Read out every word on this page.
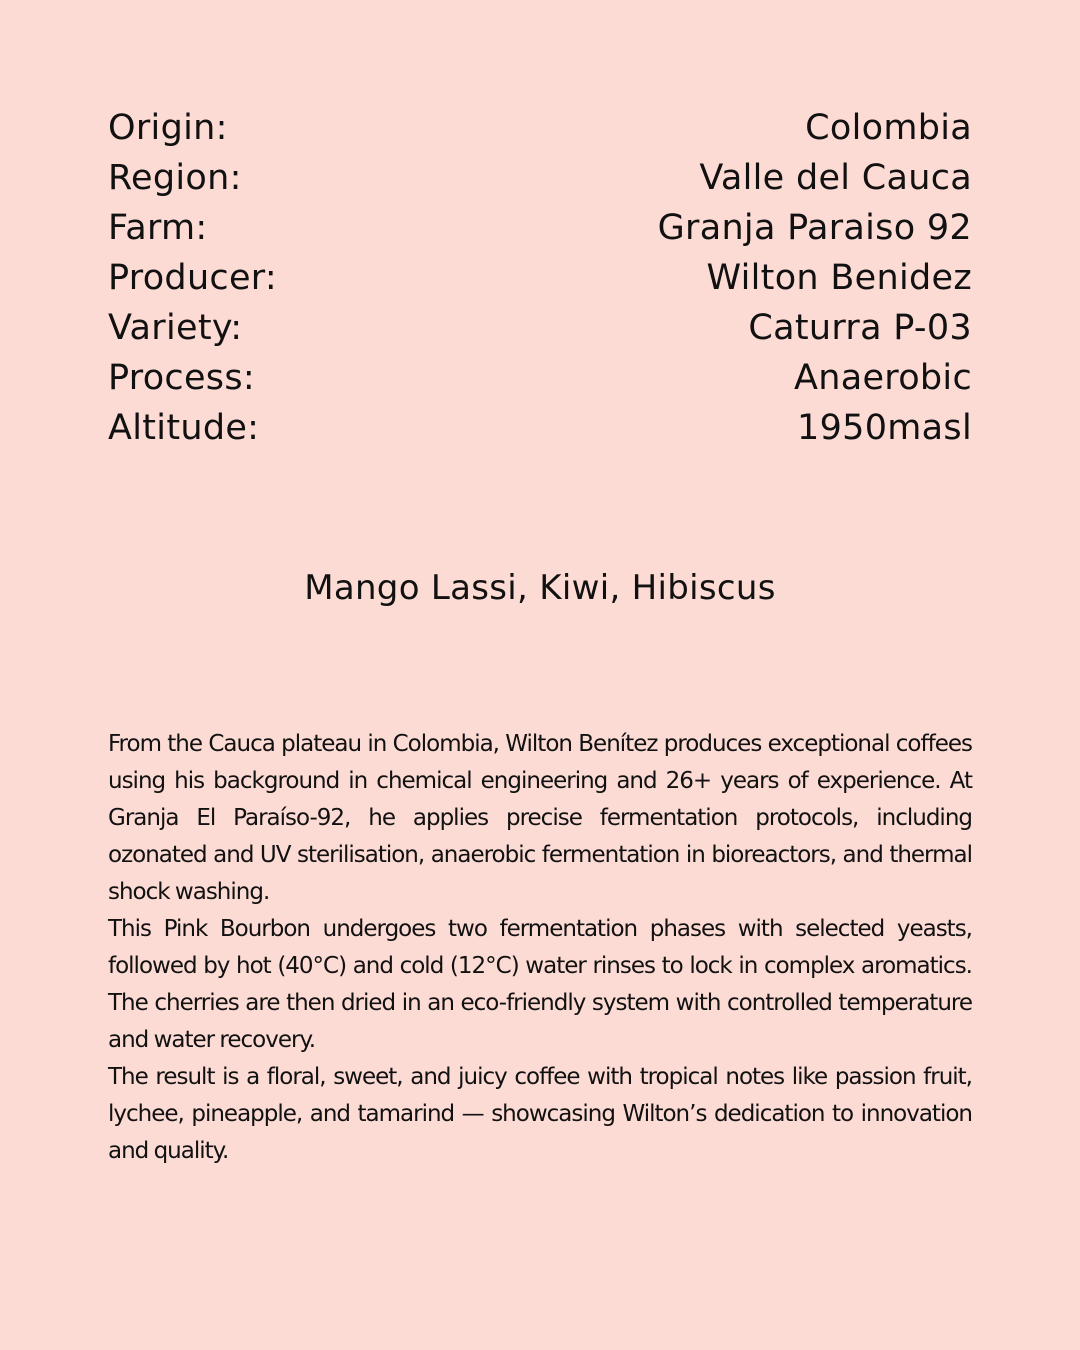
Origin:	Colombia
Region:	Valle del Cauca
Farm:	Granja Paraiso 92
Producer:	Wilton Benidez
Variety:	Caturra P-03
Process:	Anaerobic
Altitude:	1950masl
Mango Lassi, Kiwi, Hibiscus

From the Cauca plateau in Colombia, Wilton Benítez produces exceptional coffees using his background in chemical engineering and 26+ years of experience. At Granja El Paraíso-92, he applies precise fermentation protocols, including ozonated and UV sterilisation, anaerobic fermentation in bioreactors, and thermal shock washing.

This Pink Bourbon undergoes two fermentation phases with selected yeasts, followed by hot (40°C) and cold (12°C) water rinses to lock in complex aromatics. The cherries are then dried in an eco-friendly system with controlled temperature and water recovery.

The result is a floral, sweet, and juicy coffee with tropical notes like passion fruit, lychee, pineapple, and tamarind — showcasing Wilton’s dedication to innovation and quality.
